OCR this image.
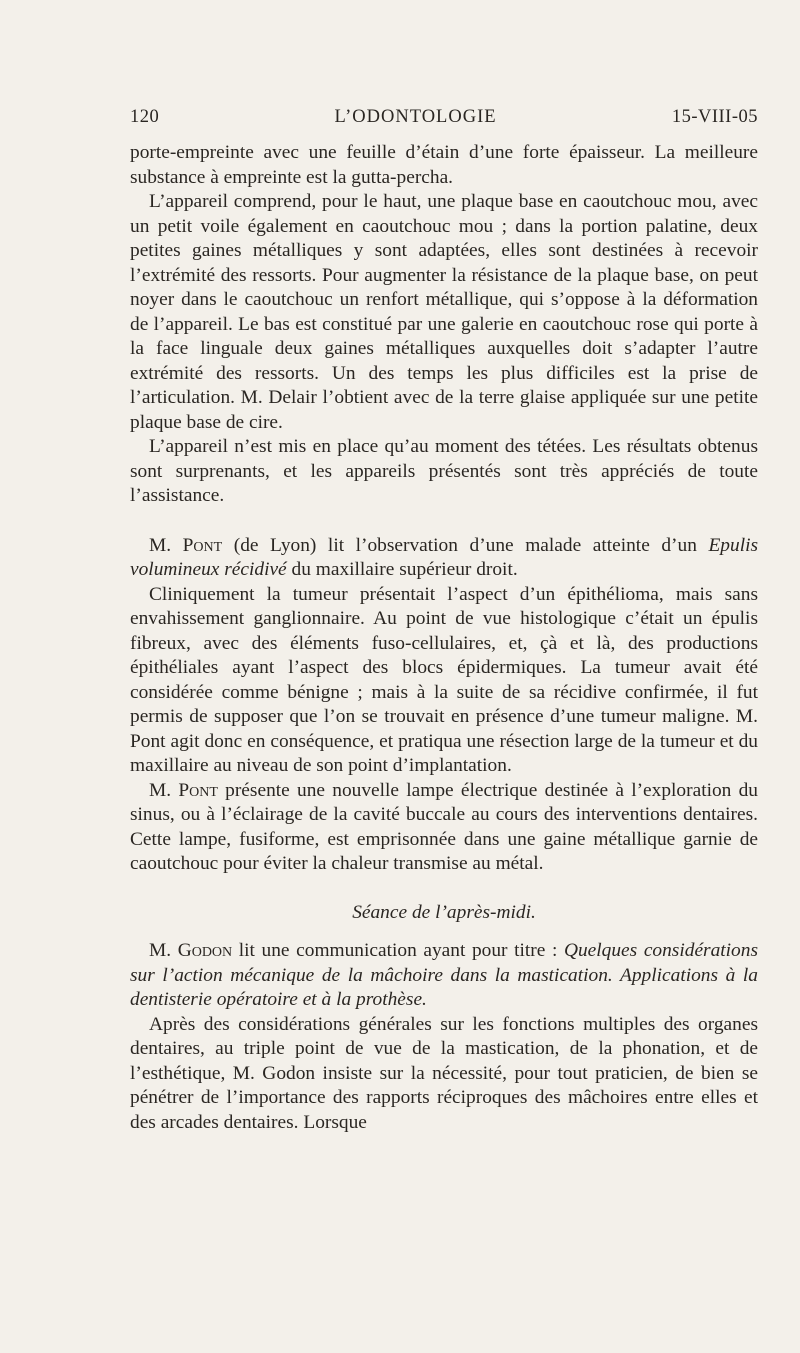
120	L’ODONTOLOGIE	15-VIII-05

porte-empreinte avec une feuille d’étain d’une forte épaisseur. La meilleure substance à empreinte est la gutta-percha.

L’appareil comprend, pour le haut, une plaque base en caoutchouc mou, avec un petit voile également en caoutchouc mou ; dans la portion palatine, deux petites gaines métalliques y sont adaptées, elles sont destinées à recevoir l’extrémité des ressorts. Pour augmenter la résistance de la plaque base, on peut noyer dans le caoutchouc un renfort métallique, qui s’oppose à la déformation de l’appareil. Le bas est constitué par une galerie en caoutchouc rose qui porte à la face linguale deux gaines métalliques auxquelles doit s’adapter l’autre extrémité des ressorts. Un des temps les plus difficiles est la prise de l’articulation. M. Delair l’obtient avec de la terre glaise appliquée sur une petite plaque base de cire.

L’appareil n’est mis en place qu’au moment des tétées. Les résultats obtenus sont surprenants, et les appareils présentés sont très appréciés de toute l’assistance.

M. Pont (de Lyon) lit l’observation d’une malade atteinte d’un Epulis volumineux récidivé du maxillaire supérieur droit.

Cliniquement la tumeur présentait l’aspect d’un épithélioma, mais sans envahissement ganglionnaire. Au point de vue histologique c’était un épulis fibreux, avec des éléments fuso-cellulaires, et, çà et là, des productions épithéliales ayant l’aspect des blocs épidermiques. La tumeur avait été considérée comme bénigne ; mais à la suite de sa récidive confirmée, il fut permis de supposer que l’on se trouvait en présence d’une tumeur maligne. M. Pont agit donc en conséquence, et pratiqua une résection large de la tumeur et du maxillaire au niveau de son point d’implantation.

M. Pont présente une nouvelle lampe électrique destinée à l’exploration du sinus, ou à l’éclairage de la cavité buccale au cours des interventions dentaires. Cette lampe, fusiforme, est emprisonnée dans une gaine métallique garnie de caoutchouc pour éviter la chaleur transmise au métal.

Séance de l’après-midi.

M. Godon lit une communication ayant pour titre : Quelques considérations sur l’action mécanique de la mâchoire dans la mastication. Applications à la dentisterie opératoire et à la prothèse.

Après des considérations générales sur les fonctions multiples des organes dentaires, au triple point de vue de la mastication, de la phonation, et de l’esthétique, M. Godon insiste sur la nécessité, pour tout praticien, de bien se pénétrer de l’importance des rapports réciproques des mâchoires entre elles et des arcades dentaires. Lorsque
